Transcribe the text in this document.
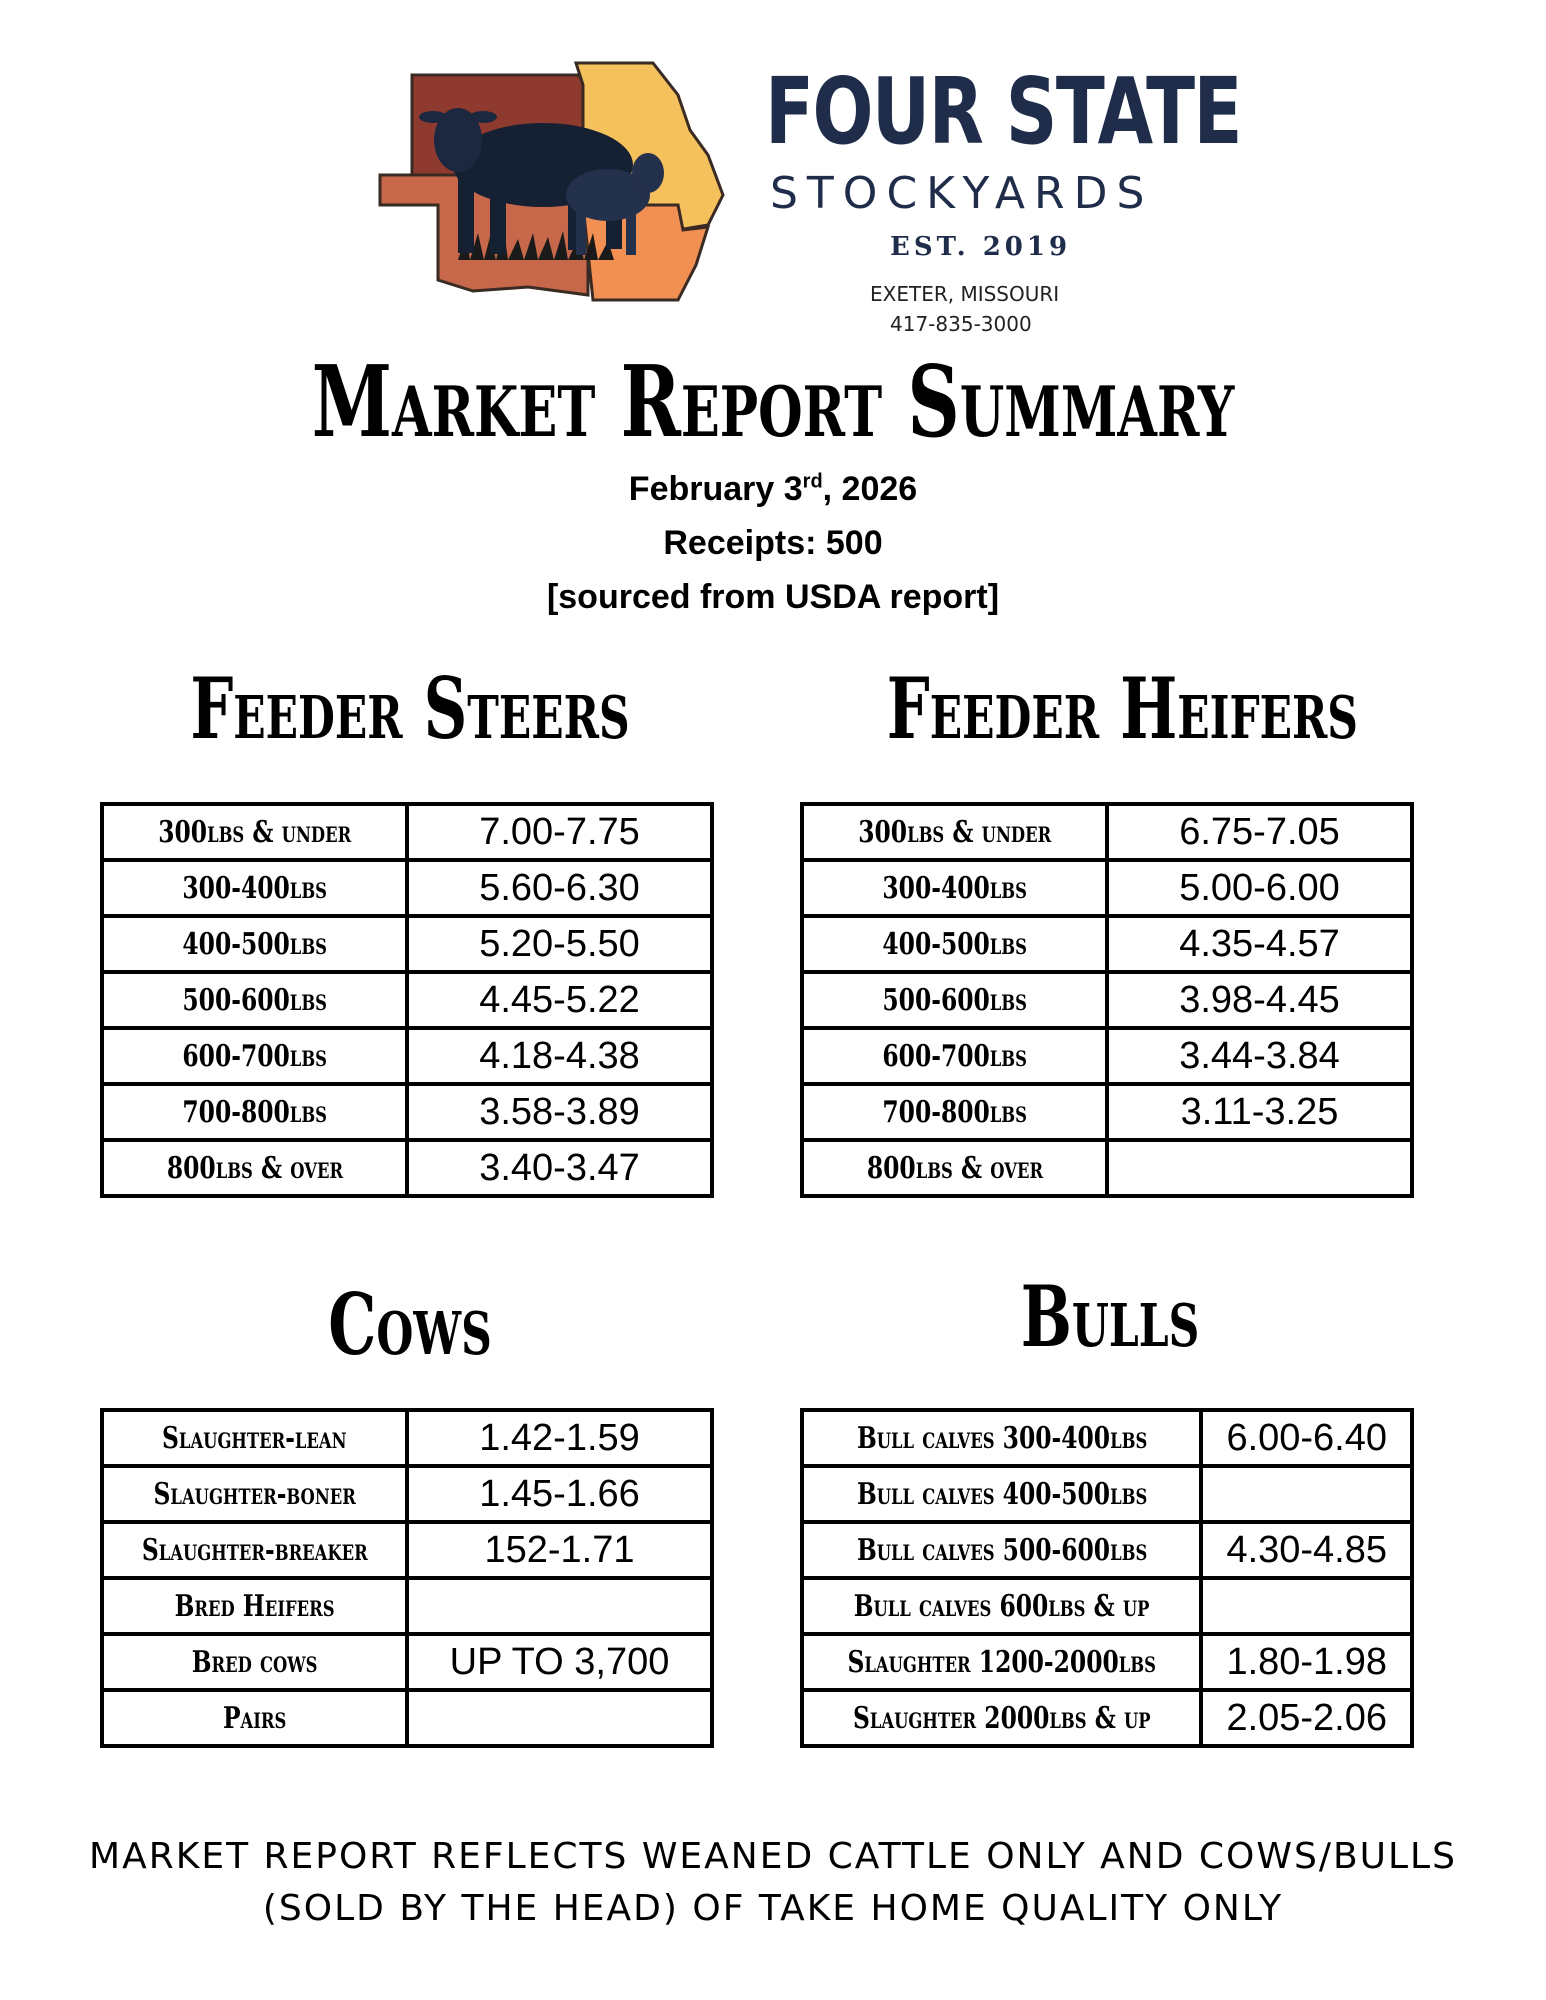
FOUR STATE
STOCKYARDS
EST. 2019
EXETER, MISSOURI
417-835-3000
Market Report Summary
February 3rd, 2026
Receipts: 500
[sourced from USDA report]
Feeder Steers	Feeder Heifers
Cows	Bulls
300lbs & under	7.00-7.75
300-400lbs	5.60-6.30
400-500lbs	5.20-5.50
500-600lbs	4.45-5.22
600-700lbs	4.18-4.38
700-800lbs	3.58-3.89
800lbs & over	3.40-3.47
300lbs & under	6.75-7.05
300-400lbs	5.00-6.00
400-500lbs	4.35-4.57
500-600lbs	3.98-4.45
600-700lbs	3.44-3.84
700-800lbs	3.11-3.25
800lbs & over	
Slaughter-lean	1.42-1.59
Slaughter-boner	1.45-1.66
Slaughter-breaker	152-1.71
Bred Heifers	
Bred cows	UP TO 3,700
Pairs	
Bull calves 300-400lbs	6.00-6.40
Bull calves 400-500lbs	
Bull calves 500-600lbs	4.30-4.85
Bull calves 600lbs & up	
Slaughter 1200-2000lbs	1.80-1.98
Slaughter 2000lbs & up	2.05-2.06
MARKET REPORT REFLECTS WEANED CATTLE ONLY AND COWS/BULLS
(SOLD BY THE HEAD) OF TAKE HOME QUALITY ONLY
